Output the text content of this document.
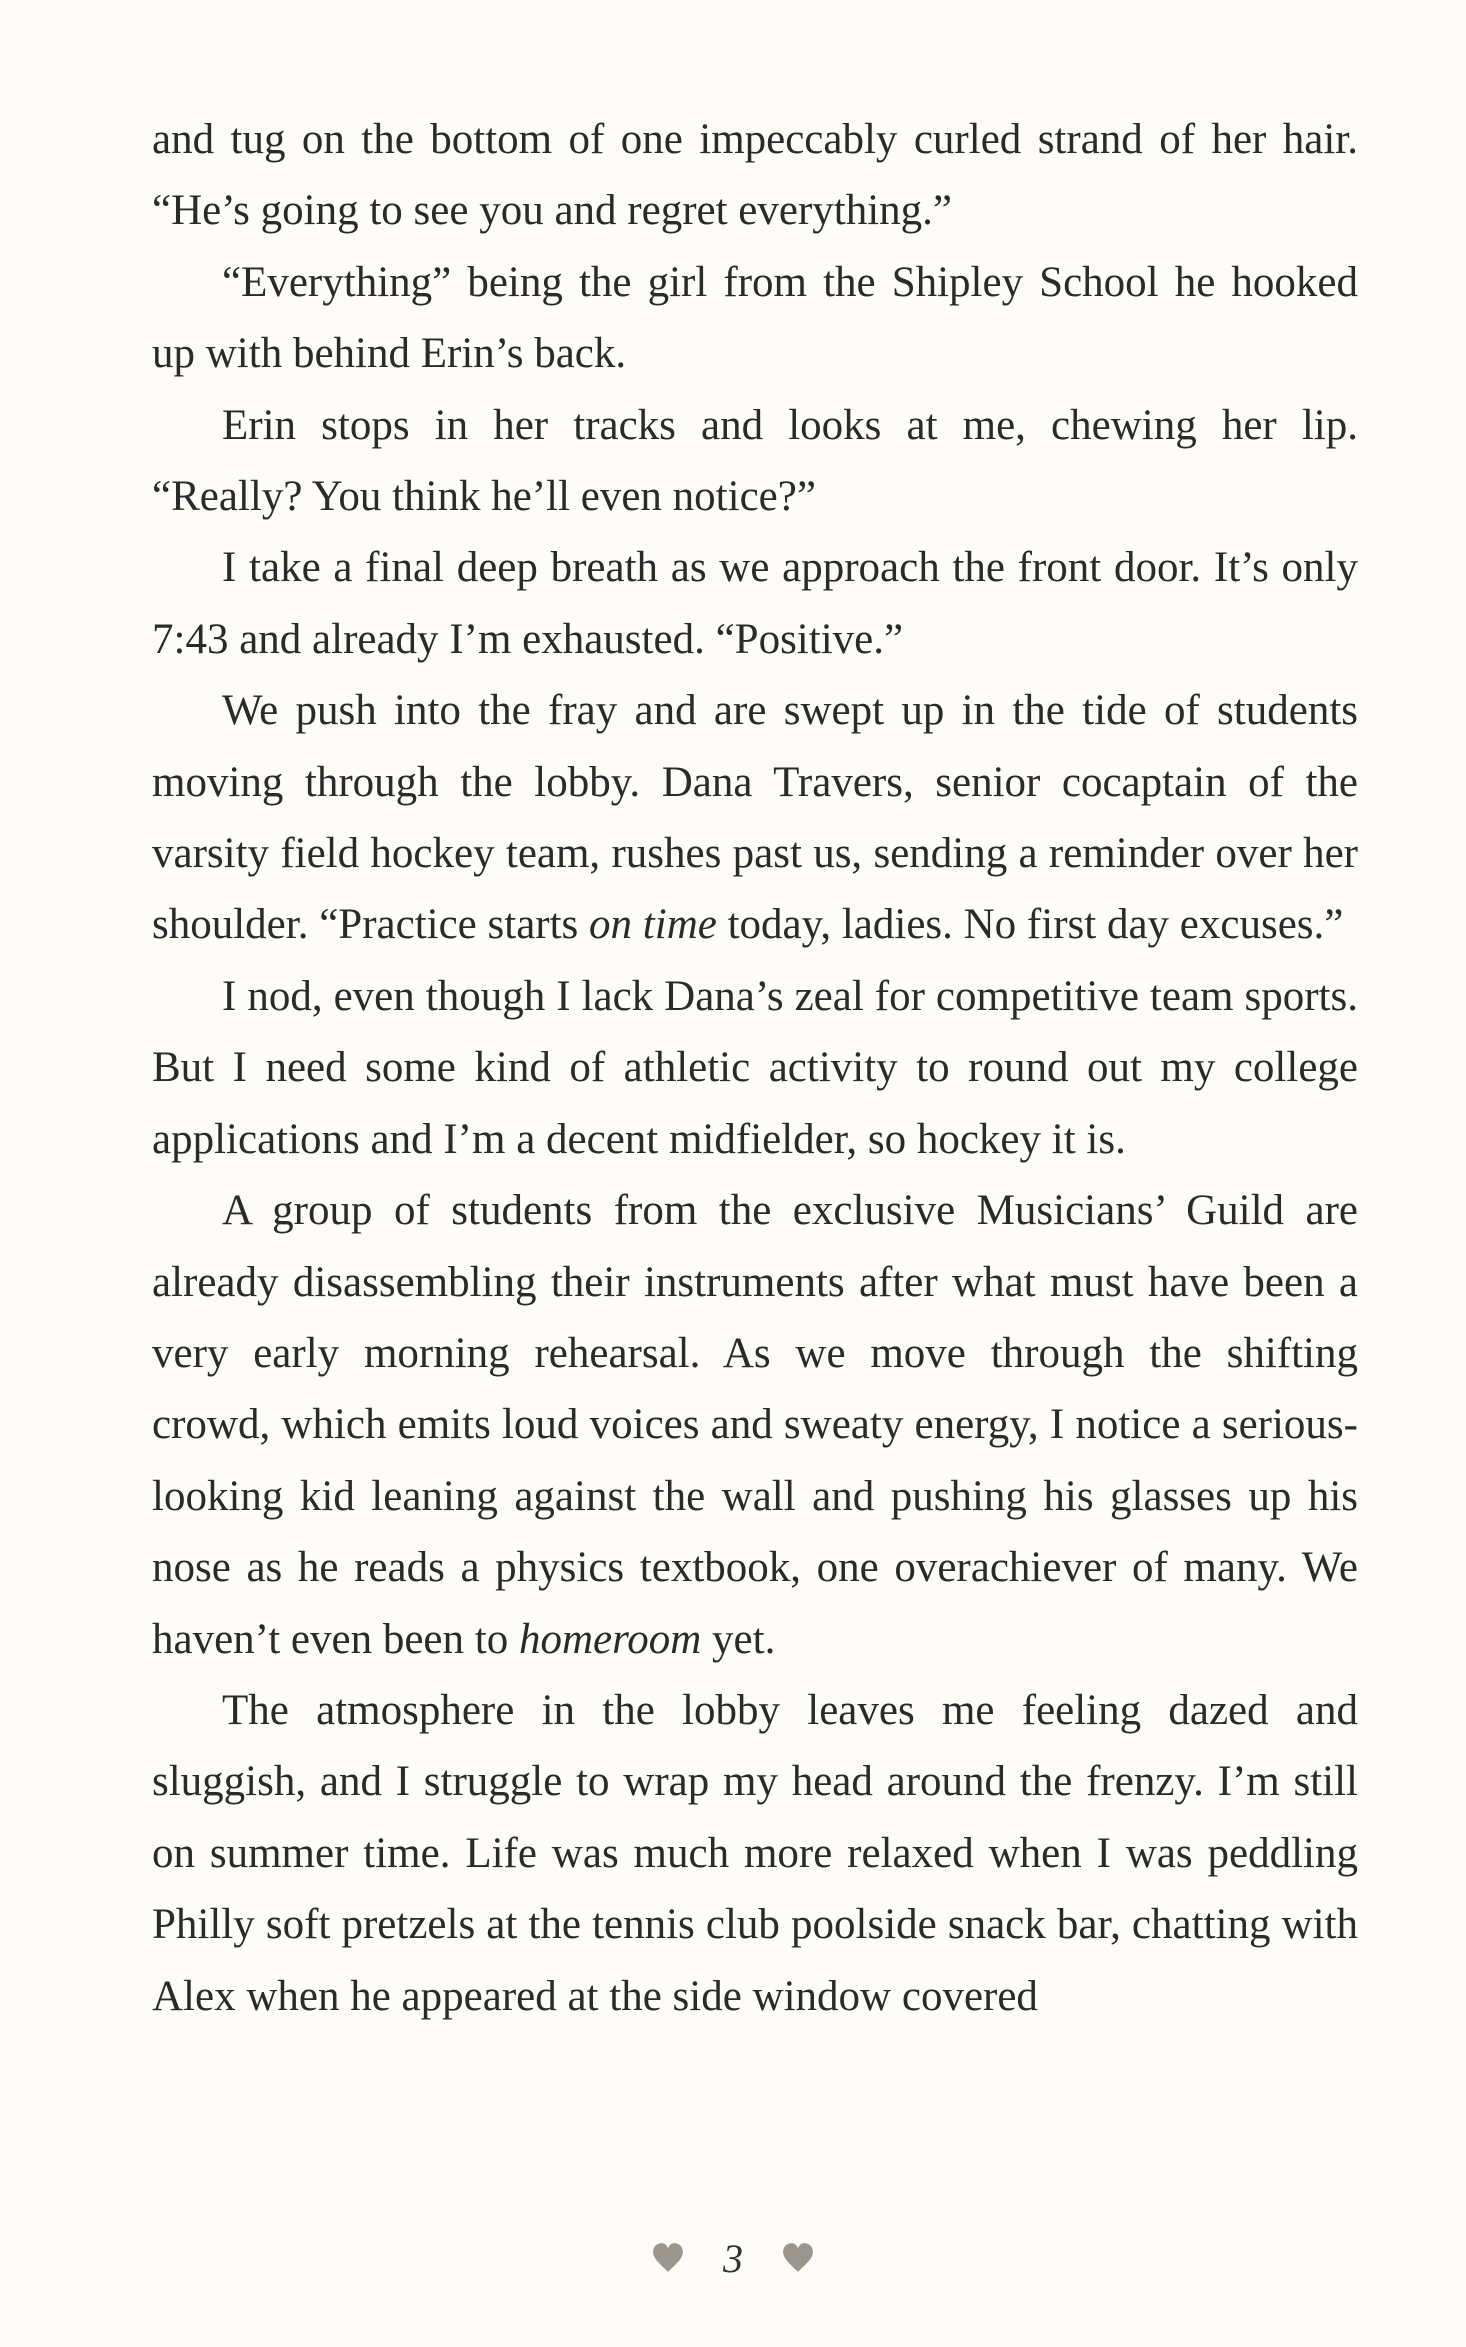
and tug on the bottom of one impeccably curled strand of her hair. “He’s going to see you and regret everything.”

“Everything” being the girl from the Shipley School he hooked up with behind Erin’s back.

Erin stops in her tracks and looks at me, chewing her lip. “Really? You think he’ll even notice?”

I take a final deep breath as we approach the front door. It’s only 7:43 and already I’m exhausted. “Positive.”

We push into the fray and are swept up in the tide of students moving through the lobby. Dana Travers, senior cocaptain of the varsity field hockey team, rushes past us, sending a reminder over her shoulder. “Practice starts on time today, ladies. No first day excuses.”

I nod, even though I lack Dana’s zeal for competitive team sports. But I need some kind of athletic activity to round out my college applications and I’m a decent midfielder, so hockey it is.

A group of students from the exclusive Musicians’ Guild are already disassembling their instruments after what must have been a very early morning rehearsal. As we move through the shifting crowd, which emits loud voices and sweaty energy, I notice a serious-looking kid leaning against the wall and pushing his glasses up his nose as he reads a physics textbook, one overachiever of many. We haven’t even been to homeroom yet.

The atmosphere in the lobby leaves me feeling dazed and sluggish, and I struggle to wrap my head around the frenzy. I’m still on summer time. Life was much more relaxed when I was peddling Philly soft pretzels at the tennis club poolside snack bar, chatting with Alex when he appeared at the side window covered

3
